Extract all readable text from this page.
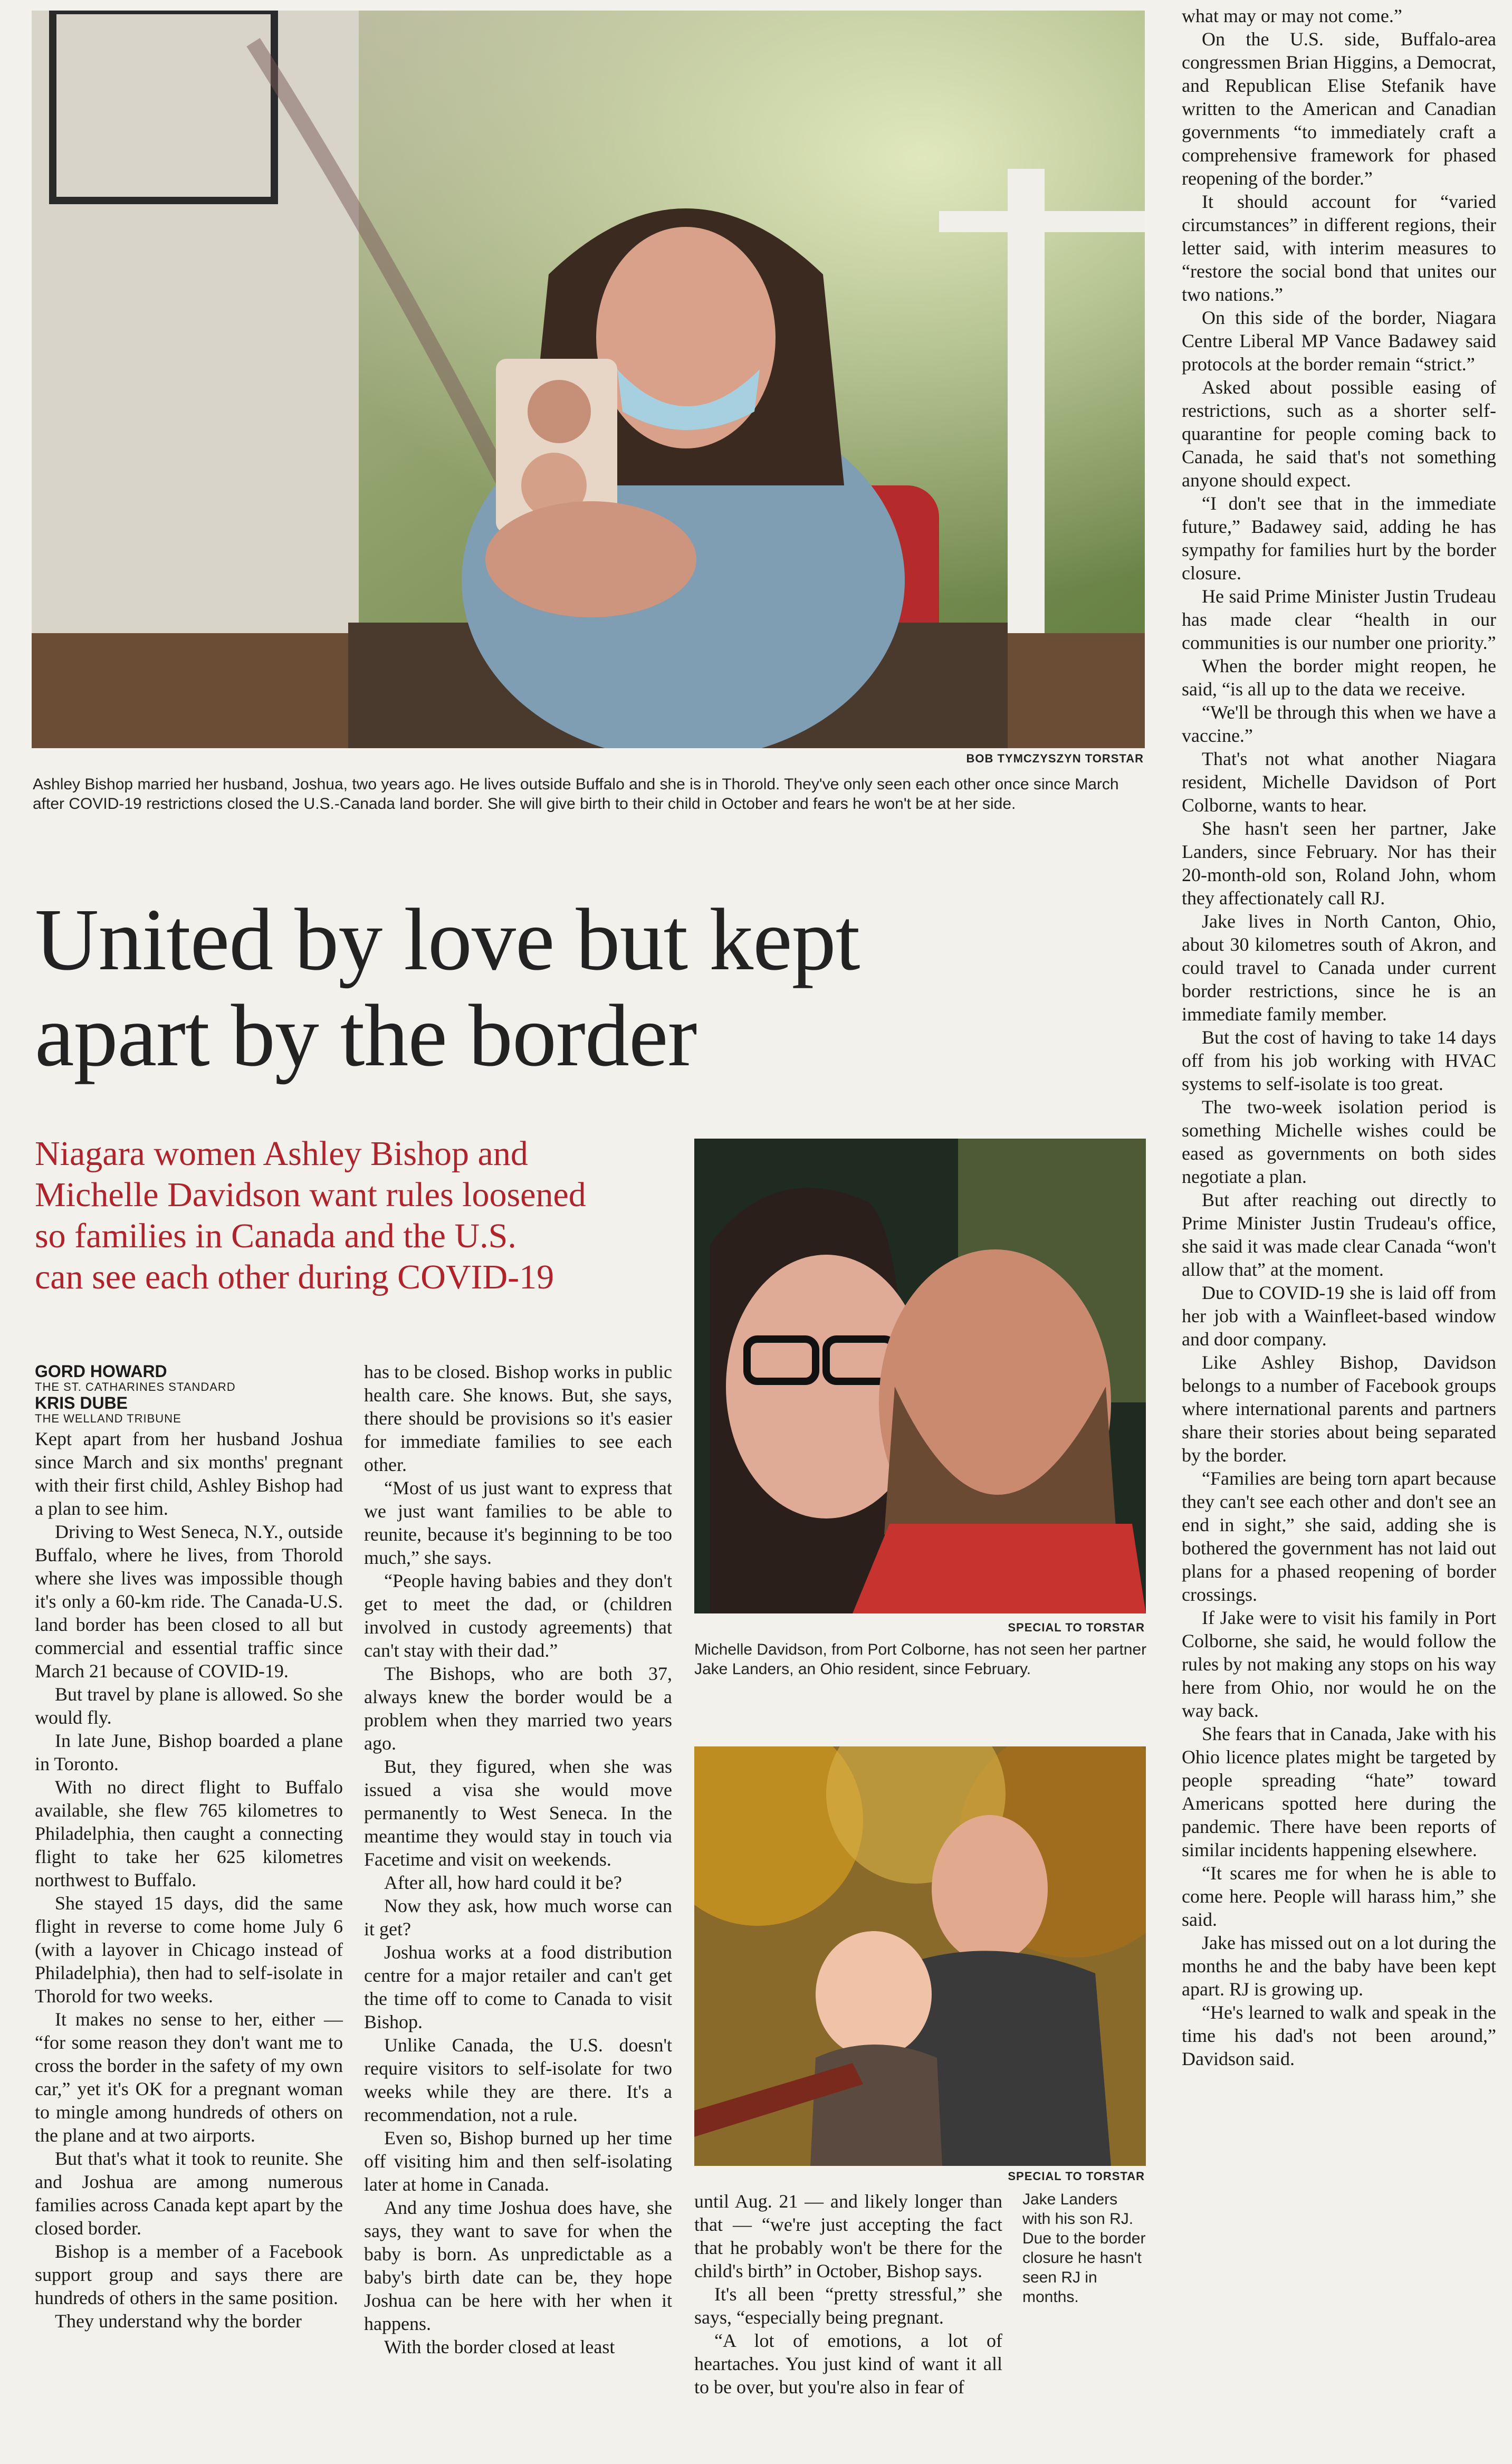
BOB TYMCZYSZYN TORSTAR
Ashley Bishop married her husband, Joshua, two years ago. He lives outside Buffalo and she is in Thorold. They've only seen each other once since March after COVID-19 restrictions closed the U.S.-Canada land border. She will give birth to their child in October and fears he won't be at her side.
United by love but kept
apart by the border
Niagara women Ashley Bishop and
Michelle Davidson want rules loosened
so families in Canada and the U.S.
can see each other during COVID-19
GORD HOWARD
THE ST. CATHARINES STANDARD
KRIS DUBE
THE WELLAND TRIBUNE

Kept apart from her husband Joshua since March and six months' pregnant with their first child, Ashley Bishop had a plan to see him.

Driving to West Seneca, N.Y., outside Buffalo, where he lives, from Thorold where she lives was impossible though it's only a 60-km ride. The Canada-U.S. land border has been closed to all but commercial and essential traffic since March 21 because of COVID-19.

But travel by plane is allowed. So she would fly.

In late June, Bishop boarded a plane in Toronto.

With no direct flight to Buffalo available, she flew 765 kilometres to Philadelphia, then caught a connecting flight to take her 625 kilometres northwest to Buffalo.

She stayed 15 days, did the same flight in reverse to come home July 6 (with a layover in Chicago instead of Philadelphia), then had to self-isolate in Thorold for two weeks.

It makes no sense to her, either — “for some reason they don't want me to cross the border in the safety of my own car,” yet it's OK for a pregnant woman to mingle among hundreds of others on the plane and at two airports.

But that's what it took to reunite. She and Joshua are among numerous families across Canada kept apart by the closed border.

Bishop is a member of a Facebook support group and says there are hundreds of others in the same position.

They understand why the border

has to be closed. Bishop works in public health care. She knows. But, she says, there should be provisions so it's easier for immediate families to see each other.

“Most of us just want to express that we just want families to be able to reunite, because it's beginning to be too much,” she says.

“People having babies and they don't get to meet the dad, or (children involved in custody agreements) that can't stay with their dad.”

The Bishops, who are both 37, always knew the border would be a problem when they married two years ago.

But, they figured, when she was issued a visa she would move permanently to West Seneca. In the meantime they would stay in touch via Facetime and visit on weekends.

After all, how hard could it be?

Now they ask, how much worse can it get?

Joshua works at a food distribution centre for a major retailer and can't get the time off to come to Canada to visit Bishop.

Unlike Canada, the U.S. doesn't require visitors to self-isolate for two weeks while they are there. It's a recommendation, not a rule.

Even so, Bishop burned up her time off visiting him and then self-isolating later at home in Canada.

And any time Joshua does have, she says, they want to save for when the baby is born. As unpredictable as a baby's birth date can be, they hope Joshua can be here with her when it happens.

With the border closed at least

SPECIAL TO TORSTAR
Michelle Davidson, from Port Colborne, has not seen her partner Jake Landers, an Ohio resident, since February.
SPECIAL TO TORSTAR

until Aug. 21 — and likely longer than that — “we're just accepting the fact that he probably won't be there for the child's birth” in October, Bishop says.

It's all been “pretty stressful,” she says, “especially being pregnant.

“A lot of emotions, a lot of heartaches. You just kind of want it all to be over, but you're also in fear of

Jake Landers with his son RJ. Due to the border closure he hasn't seen RJ in months.

what may or may not come.”

On the U.S. side, Buffalo-area congressmen Brian Higgins, a Democrat, and Republican Elise Stefanik have written to the American and Canadian governments “to immediately craft a comprehensive framework for phased reopening of the border.”

It should account for “varied circumstances” in different regions, their letter said, with interim measures to “restore the social bond that unites our two nations.”

On this side of the border, Niagara Centre Liberal MP Vance Badawey said protocols at the border remain “strict.”

Asked about possible easing of restrictions, such as a shorter self-quarantine for people coming back to Canada, he said that's not something anyone should expect.

“I don't see that in the immediate future,” Badawey said, adding he has sympathy for families hurt by the border closure.

He said Prime Minister Justin Trudeau has made clear “health in our communities is our number one priority.”

When the border might reopen, he said, “is all up to the data we receive.

“We'll be through this when we have a vaccine.”

That's not what another Niagara resident, Michelle Davidson of Port Colborne, wants to hear.

She hasn't seen her partner, Jake Landers, since February. Nor has their 20-month-old son, Roland John, whom they affectionately call RJ.

Jake lives in North Canton, Ohio, about 30 kilometres south of Akron, and could travel to Canada under current border restrictions, since he is an immediate family member.

But the cost of having to take 14 days off from his job working with HVAC systems to self-isolate is too great.

The two-week isolation period is something Michelle wishes could be eased as governments on both sides negotiate a plan.

But after reaching out directly to Prime Minister Justin Trudeau's office, she said it was made clear Canada “won't allow that” at the moment.

Due to COVID-19 she is laid off from her job with a Wainfleet-based window and door company.

Like Ashley Bishop, Davidson belongs to a number of Facebook groups where international parents and partners share their stories about being separated by the border.

“Families are being torn apart because they can't see each other and don't see an end in sight,” she said, adding she is bothered the government has not laid out plans for a phased reopening of border crossings.

If Jake were to visit his family in Port Colborne, she said, he would follow the rules by not making any stops on his way here from Ohio, nor would he on the way back.

She fears that in Canada, Jake with his Ohio licence plates might be targeted by people spreading “hate” toward Americans spotted here during the pandemic. There have been reports of similar incidents happening elsewhere.

“It scares me for when he is able to come here. People will harass him,” she said.

Jake has missed out on a lot during the months he and the baby have been kept apart. RJ is growing up.

“He's learned to walk and speak in the time his dad's not been around,” Davidson said.
